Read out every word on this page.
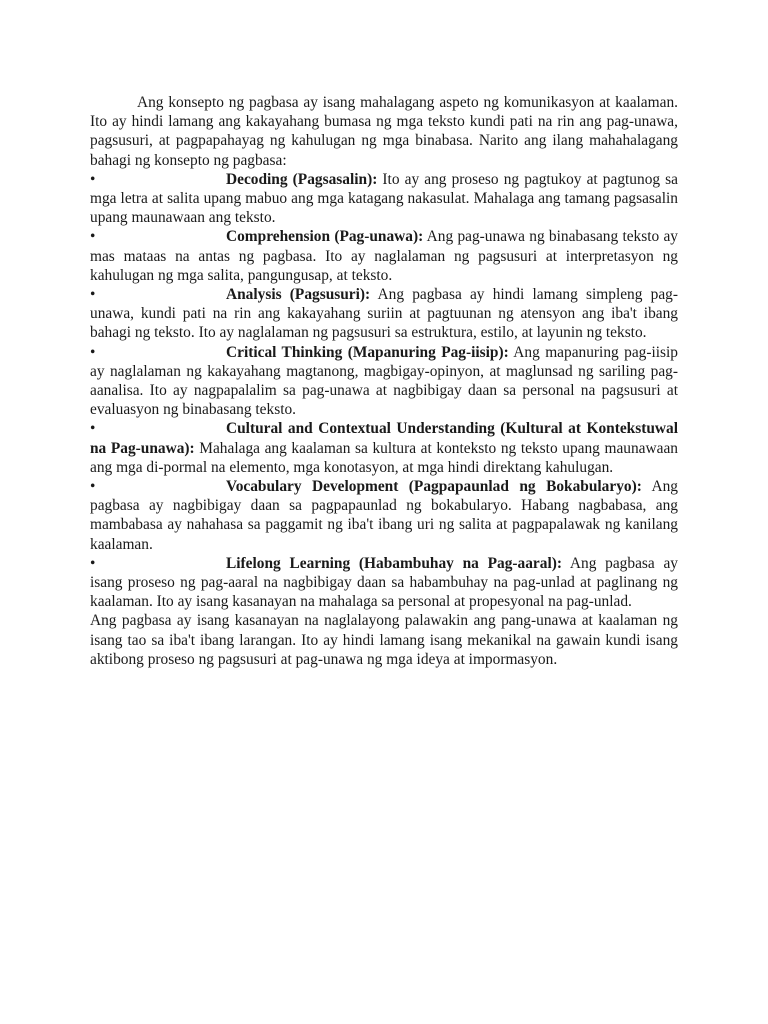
Ang konsepto ng pagbasa ay isang mahalagang aspeto ng komunikasyon at kaalaman. Ito ay hindi lamang ang kakayahang bumasa ng mga teksto kundi pati na rin ang pag-unawa, pagsusuri, at pagpapahayag ng kahulugan ng mga binabasa. Narito ang ilang mahahalagang bahagi ng konsepto ng pagbasa:

•	Decoding (Pagsasalin): Ito ay ang proseso ng pagtukoy at pagtunog sa mga letra at salita upang mabuo ang mga katagang nakasulat. Mahalaga ang tamang pagsasalin upang maunawaan ang teksto.

•	Comprehension (Pag-unawa): Ang pag-unawa ng binabasang teksto ay mas mataas na antas ng pagbasa. Ito ay naglalaman ng pagsusuri at interpretasyon ng kahulugan ng mga salita, pangungusap, at teksto.

•	Analysis (Pagsusuri): Ang pagbasa ay hindi lamang simpleng pag-unawa, kundi pati na rin ang kakayahang suriin at pagtuunan ng atensyon ang iba't ibang bahagi ng teksto. Ito ay naglalaman ng pagsusuri sa estruktura, estilo, at layunin ng teksto.

•	Critical Thinking (Mapanuring Pag-iisip): Ang mapanuring pag-iisip ay naglalaman ng kakayahang magtanong, magbigay-opinyon, at maglunsad ng sariling pag-aanalisa. Ito ay nagpapalalim sa pag-unawa at nagbibigay daan sa personal na pagsusuri at evaluasyon ng binabasang teksto.

•	Cultural and Contextual Understanding (Kultural at Kontekstuwal na Pag-unawa): Mahalaga ang kaalaman sa kultura at konteksto ng teksto upang maunawaan ang mga di-pormal na elemento, mga konotasyon, at mga hindi direktang kahulugan.

•	Vocabulary Development (Pagpapaunlad ng Bokabularyo): Ang pagbasa ay nagbibigay daan sa pagpapaunlad ng bokabularyo. Habang nagbabasa, ang mambabasa ay nahahasa sa paggamit ng iba't ibang uri ng salita at pagpapalawak ng kanilang kaalaman.

•	Lifelong Learning (Habambuhay na Pag-aaral): Ang pagbasa ay isang proseso ng pag-aaral na nagbibigay daan sa habambuhay na pag-unlad at paglinang ng kaalaman. Ito ay isang kasanayan na mahalaga sa personal at propesyonal na pag-unlad.

Ang pagbasa ay isang kasanayan na naglalayong palawakin ang pang-unawa at kaalaman ng isang tao sa iba't ibang larangan. Ito ay hindi lamang isang mekanikal na gawain kundi isang aktibong proseso ng pagsusuri at pag-unawa ng mga ideya at impormasyon.
